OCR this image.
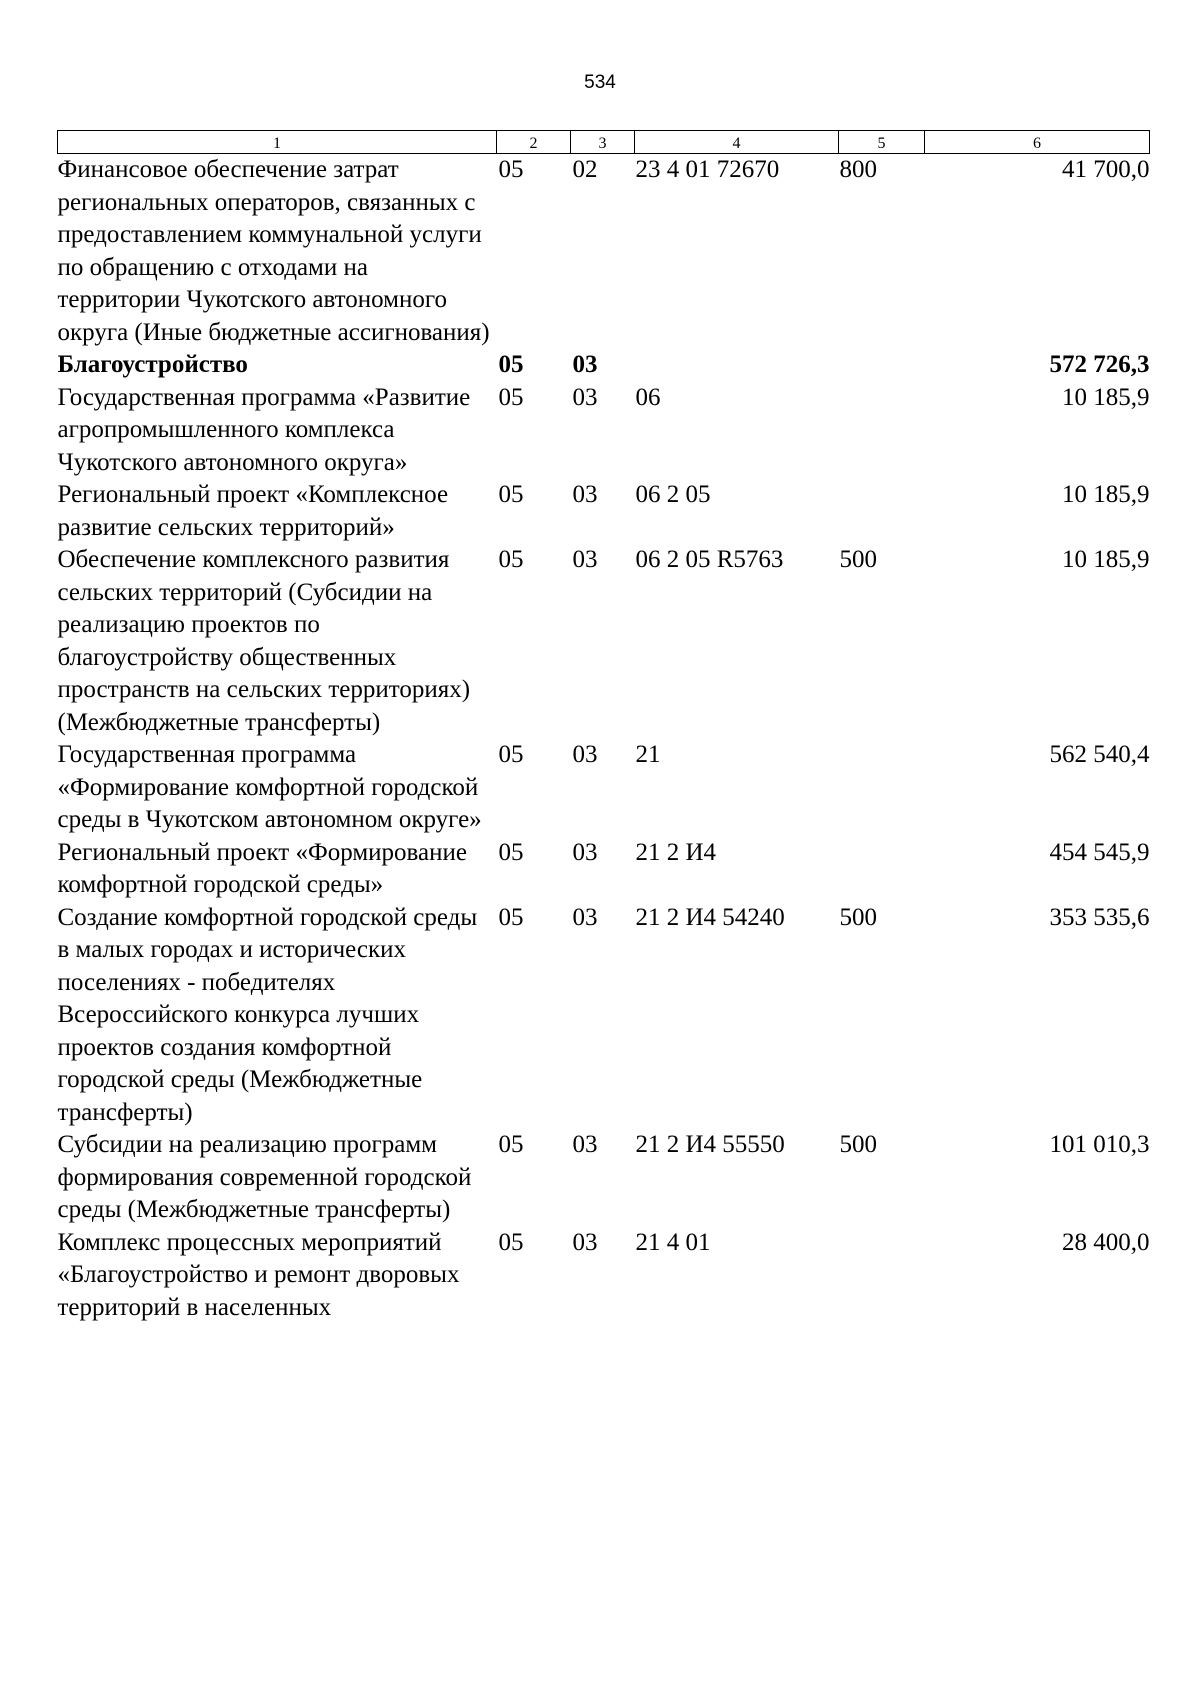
534
1	2	3	4	5	6
Финансовое обеспечение затрат региональных операторов, связанных с предоставлением коммунальной услуги по обращению с отходами на территории Чукотского автономного округа (Иные бюджетные ассигнования)	05	02	23 4 01 72670	800	41 700,0
Благоустройство	05	03			572 726,3
Государственная программа «Развитие агропромышленного комплекса Чукотского автономного округа»	05	03	06		10 185,9
Региональный проект «Комплексное развитие сельских территорий»	05	03	06 2 05		10 185,9
Обеспечение комплексного развития сельских территорий (Субсидии на реализацию проектов по благоустройству общественных пространств на сельских территориях) (Межбюджетные трансферты)	05	03	06 2 05 R5763	500	10 185,9
Государственная программа «Формирование комфортной городской среды в Чукотском автономном округе»	05	03	21		562 540,4
Региональный проект «Формирование комфортной городской среды»	05	03	21 2 И4		454 545,9
Создание комфортной городской среды в малых городах и исторических поселениях - победителях Всероссийского конкурса лучших проектов создания комфортной городской среды (Межбюджетные трансферты)	05	03	21 2 И4 54240	500	353 535,6
Субсидии на реализацию программ формирования современной городской среды (Межбюджетные трансферты)	05	03	21 2 И4 55550	500	101 010,3
Комплекс процессных мероприятий «Благоустройство и ремонт дворовых территорий в населенных	05	03	21 4 01		28 400,0
